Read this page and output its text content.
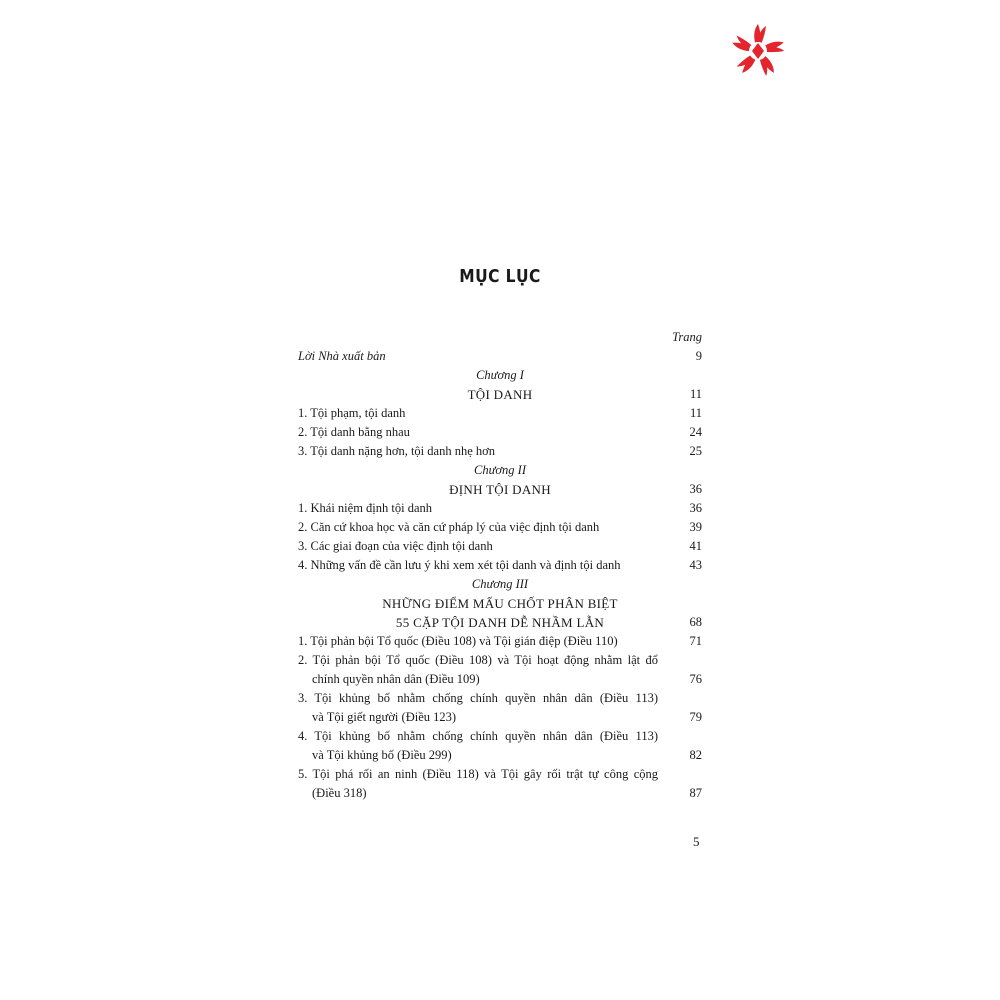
MỤC LỤC
Trang
Lời Nhà xuất bản	9
Chương I
TỘI DANH	11
1. Tội phạm, tội danh	11
2. Tội danh bằng nhau	24
3. Tội danh nặng hơn, tội danh nhẹ hơn	25
Chương II
ĐỊNH TỘI DANH	36
1. Khái niệm định tội danh	36
2. Căn cứ khoa học và căn cứ pháp lý của việc định tội danh	39
3. Các giai đoạn của việc định tội danh	41
4. Những vấn đề cần lưu ý khi xem xét tội danh và định tội danh	43
Chương III
NHỮNG ĐIỂM MẤU CHỐT PHÂN BIỆT
55 CẶP TỘI DANH DỄ NHẦM LẪN	68
1. Tội phản bội Tổ quốc (Điều 108) và Tội gián điệp (Điều 110)	71
2. Tội phản bội Tổ quốc (Điều 108) và Tội hoạt động nhằm lật đổ
chính quyền nhân dân (Điều 109)	76
3. Tội khủng bố nhằm chống chính quyền nhân dân (Điều 113)
và Tội giết người (Điều 123)	79
4. Tội khủng bố nhằm chống chính quyền nhân dân (Điều 113)
và Tội khủng bố (Điều 299)	82
5. Tội phá rối an ninh (Điều 118) và Tội gây rối trật tự công cộng
(Điều 318)	87
5
